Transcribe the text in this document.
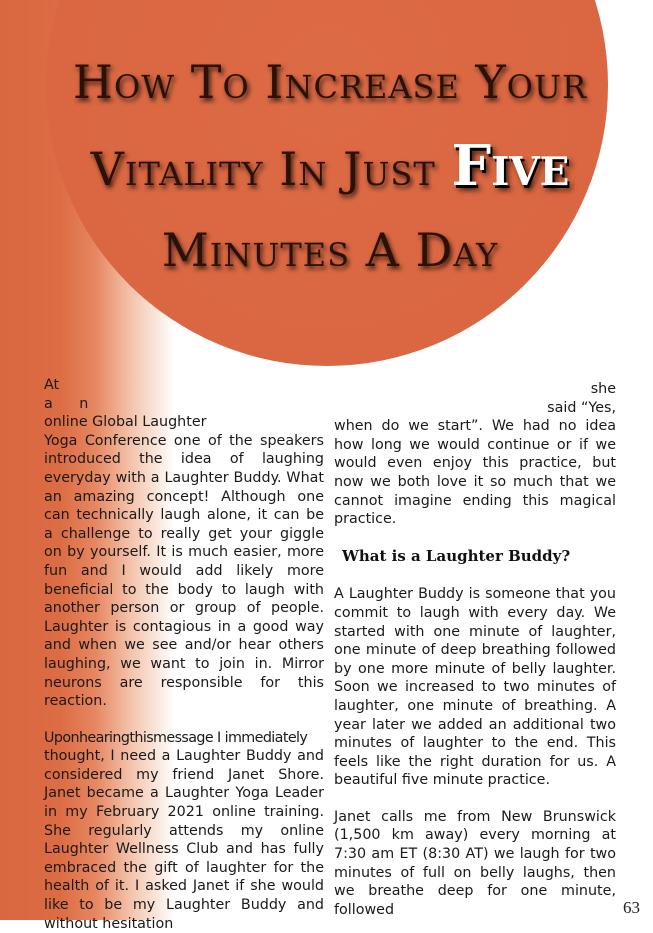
How To Increase Your
Vitality In Just Five
Minutes A Day

At

a n

online Global Laughter

Yoga Conference one of the speakers introduced the idea of laughing everyday with a Laughter Buddy. What an amazing concept! Although one can technically laugh alone, it can be a challenge to really get your giggle on by yourself. It is much easier, more fun and I would add likely more beneficial to the body to laugh with another person or group of people. Laughter is contagious in a good way and when we see and/or hear others laughing, we want to join in. Mirror neurons are responsible for this reaction.

Uponhearingthismessage I immediately

thought, I need a Laughter Buddy and considered my friend Janet Shore. Janet became a Laughter Yoga Leader in my February 2021 online training. She regularly attends my online Laughter Wellness Club and has fully embraced the gift of laughter for the health of it. I asked Janet if she would like to be my Laughter Buddy and without hesitation

she

said “Yes,

when do we start”. We had no idea how long we would continue or if we would even enjoy this practice, but now we both love it so much that we cannot imagine ending this magical practice.

What is a Laughter Buddy?

A Laughter Buddy is someone that you commit to laugh with every day. We started with one minute of laughter, one minute of deep breathing followed by one more minute of belly laughter. Soon we increased to two minutes of laughter, one minute of breathing. A year later we added an additional two minutes of laughter to the end. This feels like the right duration for us. A beautiful five minute practice.

Janet calls me from New Brunswick (1,500 km away) every morning at 7:30 am ET (8:30 AT) we laugh for two minutes of full on belly laughs, then we breathe deep for one minute, followed	63
